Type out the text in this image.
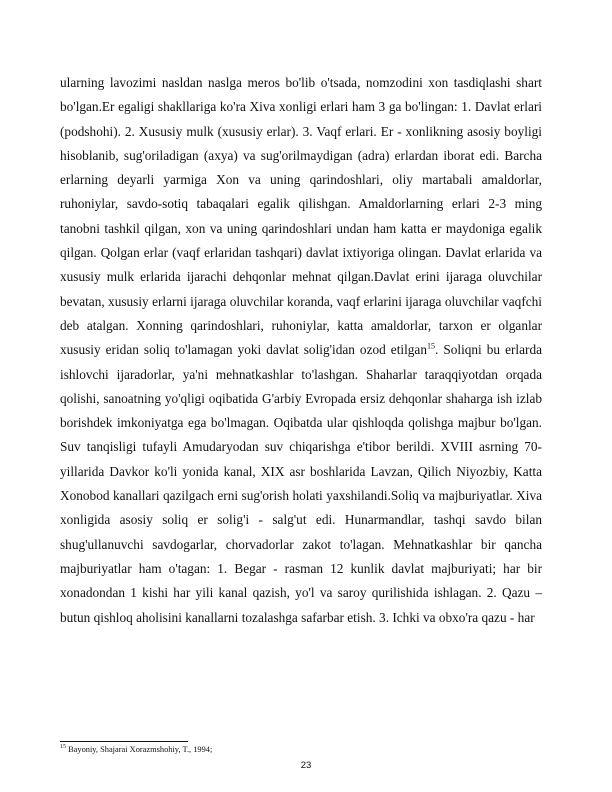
ularning lavozimi nasldan naslga meros bo'lib o'tsada, nomzodini xon tasdiqlashi shart bo'lgan.Er egaligi shakllariga ko'ra Xiva xonligi erlari ham 3 ga bo'lingan: 1. Davlat erlari (podshohi). 2. Xususiy mulk (xususiy erlar). 3. Vaqf erlari. Er - xonlikning asosiy boyligi hisoblanib, sug'oriladigan (axya) va sug'orilmaydigan (adra) erlardan iborat edi. Barcha erlarning deyarli yarmiga Xon va uning qarindoshlari, oliy martabali amaldorlar, ruhoniylar, savdo-sotiq tabaqalari egalik qilishgan. Amaldorlarning erlari 2-3 ming tanobni tashkil qilgan, xon va uning qarindoshlari undan ham katta er maydoniga egalik qilgan. Qolgan erlar (vaqf erlaridan tashqari) davlat ixtiyoriga olingan. Davlat erlarida va xususiy mulk erlarida ijarachi dehqonlar mehnat qilgan.Davlat erini ijaraga oluvchilar bevatan, xususiy erlarni ijaraga oluvchilar koranda, vaqf erlarini ijaraga oluvchilar vaqfchi deb atalgan. Xonning qarindoshlari, ruhoniylar, katta amaldorlar, tarxon er olganlar xususiy eridan soliq to'lamagan yoki davlat solig'idan ozod etilgan$^{15}$. Soliqni bu erlarda ishlovchi ijaradorlar, ya'ni mehnatkashlar to'lashgan. Shaharlar taraqqiyotdan orqada qolishi, sanoatning yo'qligi oqibatida G'arbiy Evropada ersiz dehqonlar shaharga ish izlab borishdek imkoniyatga ega bo'lmagan. Oqibatda ular qishloqda qolishga majbur bo'lgan. Suv tanqisligi tufayli Amudaryodan suv chiqarishga e'tibor berildi. XVIII asrning 70-yillarida Davkor ko'li yonida kanal, XIX asr boshlarida Lavzan, Qilich Niyozbiy, Katta Xonobod kanallari qazilgach erni sug'orish holati yaxshilandi.Soliq va majburiyatlar. Xiva xonligida asosiy soliq er solig'i - salg'ut edi. Hunarmandlar, tashqi savdo bilan shug'ullanuvchi savdogarlar, chorvadorlar zakot to'lagan. Mehnatkashlar bir qancha majburiyatlar ham o'tagan: 1. Begar - rasman 12 kunlik davlat majburiyati; har bir xonadondan 1 kishi har yili kanal qazish, yo'l va saroy qurilishida ishlagan. 2. Qazu – butun qishloq aholisini kanallarni tozalashga safarbar etish. 3. Ichki va obxo'ra qazu - har

$^{15}$ Bayoniy, Shajarai Xorazmshohiy, T., 1994;

23
